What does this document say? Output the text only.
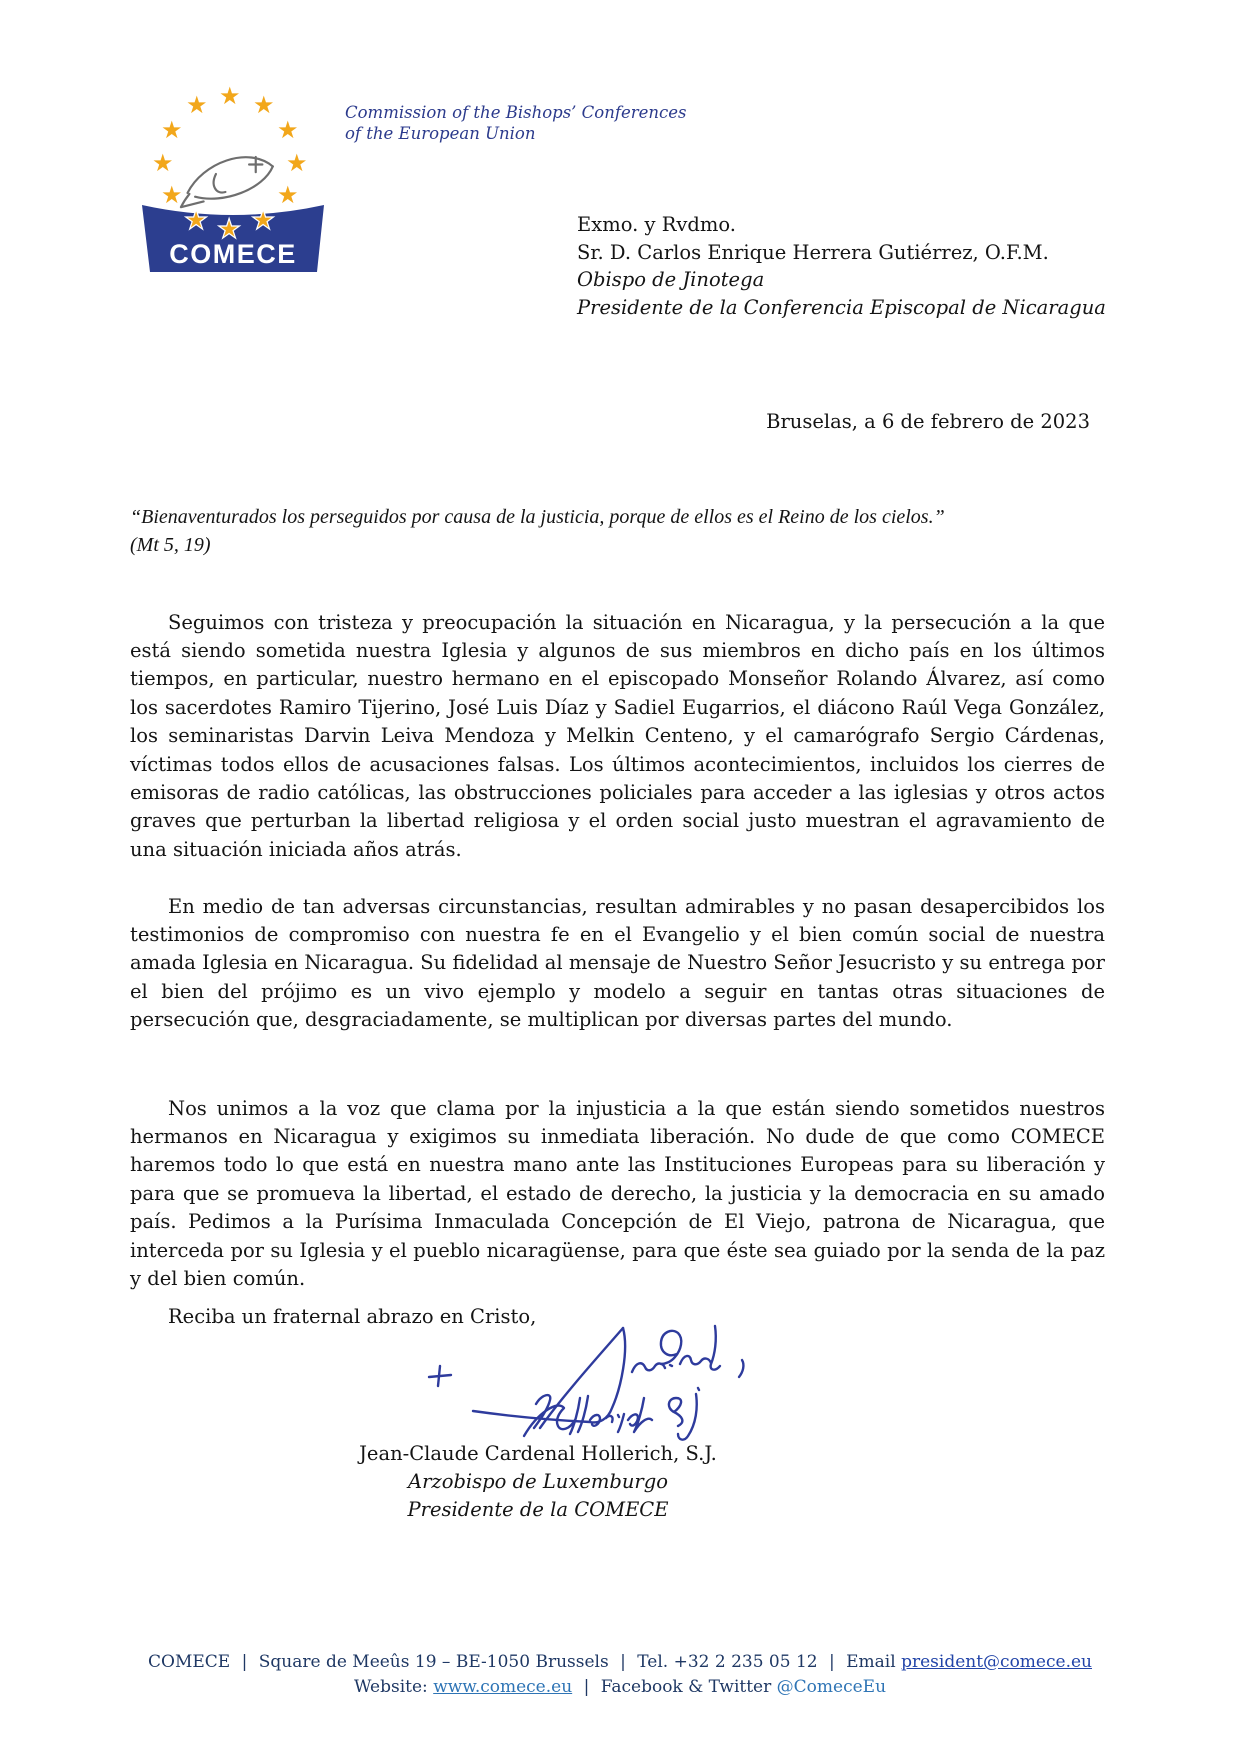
★ ★
★
★
★
★
★
★
★
★
★
★
COMECE
Commission of the Bishops’ Conferences
of the European Union
Exmo. y Rvdmo.
Sr. D. Carlos Enrique Herrera Gutiérrez, O.F.M.
Obispo de Jinotega
Presidente de la Conferencia Episcopal de Nicaragua
Bruselas, a 6 de febrero de 2023
“Bienaventurados los perseguidos por causa de la justicia, porque de ellos es el Reino de los cielos.”
(Mt 5, 19)

Seguimos con tristeza y preocupación la situación en Nicaragua, y la persecución a la que está siendo sometida nuestra Iglesia y algunos de sus miembros en dicho país en los últimos tiempos, en particular, nuestro hermano en el episcopado Monseñor Rolando Álvarez, así como los sacerdotes Ramiro Tijerino, José Luis Díaz y Sadiel Eugarrios, el diácono Raúl Vega González, los seminaristas Darvin Leiva Mendoza y Melkin Centeno, y el camarógrafo Sergio Cárdenas, víctimas todos ellos de acusaciones falsas. Los últimos acontecimientos, incluidos los cierres de emisoras de radio católicas, las obstrucciones policiales para acceder a las iglesias y otros actos graves que perturban la libertad religiosa y el orden social justo muestran el agravamiento de una situación iniciada años atrás.

En medio de tan adversas circunstancias, resultan admirables y no pasan desapercibidos los testimonios de compromiso con nuestra fe en el Evangelio y el bien común social de nuestra amada Iglesia en Nicaragua. Su fidelidad al mensaje de Nuestro Señor Jesucristo y su entrega por el bien del prójimo es un vivo ejemplo y modelo a seguir en tantas otras situaciones de persecución que, desgraciadamente, se multiplican por diversas partes del mundo.

Nos unimos a la voz que clama por la injusticia a la que están siendo sometidos nuestros hermanos en Nicaragua y exigimos su inmediata liberación. No dude de que como COMECE haremos todo lo que está en nuestra mano ante las Instituciones Europeas para su liberación y para que se promueva la libertad, el estado de derecho, la justicia y la democracia en su amado país. Pedimos a la Purísima Inmaculada Concepción de El Viejo, patrona de Nicaragua, que interceda por su Iglesia y el pueblo nicaragüense, para que éste sea guiado por la senda de la paz y del bien común.

Reciba un fraternal abrazo en Cristo,
Jean-Claude Cardenal Hollerich, S.J.
Arzobispo de Luxemburgo
Presidente de la COMECE
COMECE | Square de Meeûs 19 – BE-1050 Brussels | Tel. +32 2 235 05 12 | Email president@comece.eu
Website: www.comece.eu | Facebook & Twitter @ComeceEu
